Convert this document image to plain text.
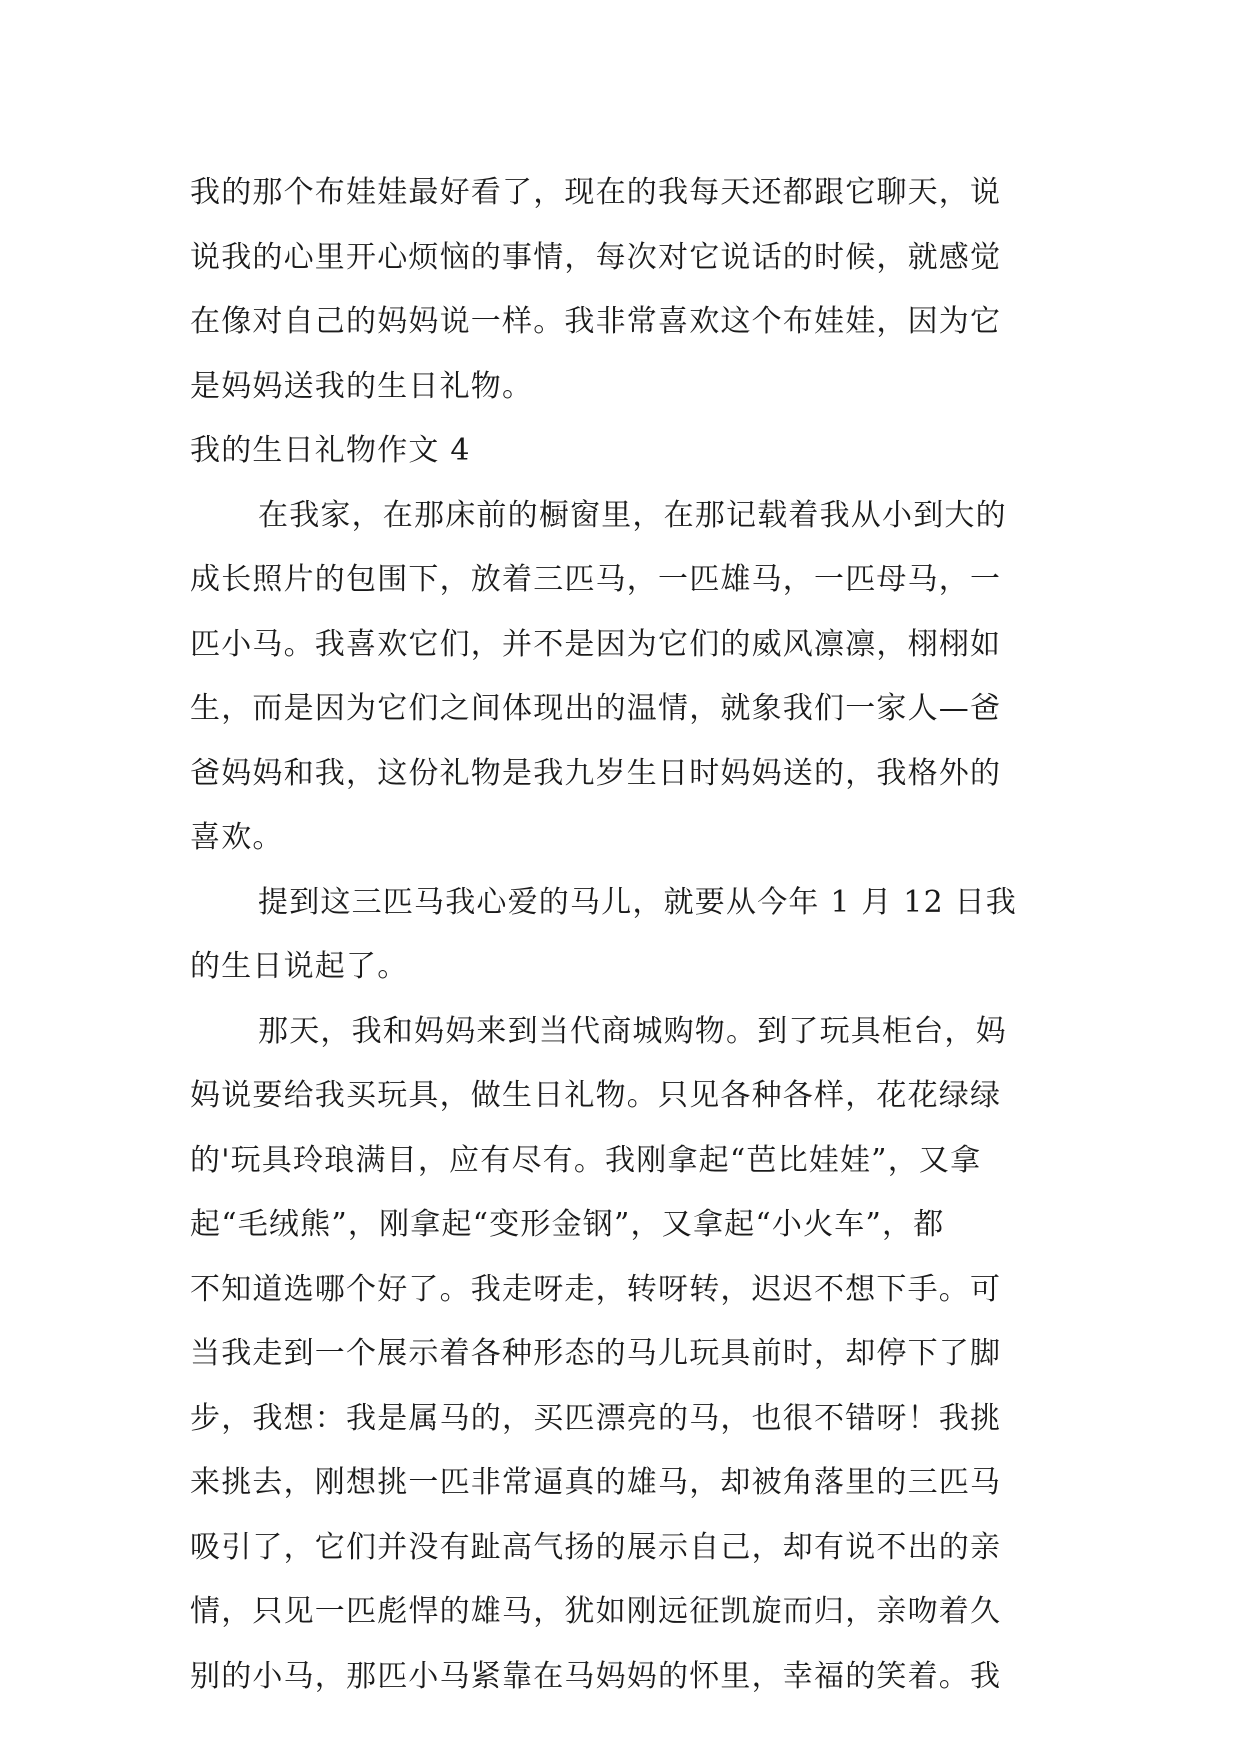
我的那个布娃娃最好看了，现在的我每天还都跟它聊天，说
说我的心里开心烦恼的事情，每次对它说话的时候，就感觉
在像对自己的妈妈说一样。我非常喜欢这个布娃娃，因为它
是妈妈送我的生日礼物。
我的生日礼物作文 4
在我家，在那床前的橱窗里，在那记载着我从小到大的
成长照片的包围下，放着三匹马，一匹雄马，一匹母马，一
匹小马。我喜欢它们，并不是因为它们的威风凛凛，栩栩如
生，而是因为它们之间体现出的温情，就象我们一家人—爸
爸妈妈和我，这份礼物是我九岁生日时妈妈送的，我格外的
喜欢。
提到这三匹马我心爱的马儿，就要从今年 1 月 12 日我
的生日说起了。
那天，我和妈妈来到当代商城购物。到了玩具柜台，妈
妈说要给我买玩具，做生日礼物。只见各种各样，花花绿绿
的'玩具玲琅满目，应有尽有。我刚拿起“芭比娃娃”，又拿
起“毛绒熊”，刚拿起“变形金钢”，又拿起“小火车”，都
不知道选哪个好了。我走呀走，转呀转，迟迟不想下手。可
当我走到一个展示着各种形态的马儿玩具前时，却停下了脚
步，我想：我是属马的，买匹漂亮的马，也很不错呀！我挑
来挑去，刚想挑一匹非常逼真的雄马，却被角落里的三匹马
吸引了，它们并没有趾高气扬的展示自己，却有说不出的亲
情，只见一匹彪悍的雄马，犹如刚远征凯旋而归，亲吻着久
别的小马，那匹小马紧靠在马妈妈的怀里，幸福的笑着。我
